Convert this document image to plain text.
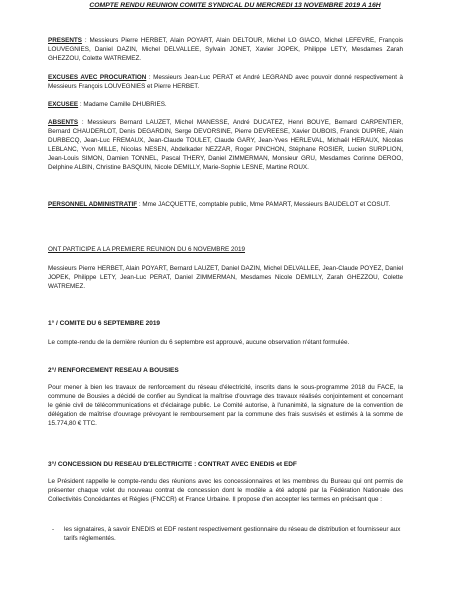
COMPTE RENDU REUNION COMITE SYNDICAL DU MERCREDI 13 NOVEMBRE 2019 A 16H
PRESENTS : Messieurs Pierre HERBET, Alain POYART, Alain DELTOUR, Michel LO GIACO, Michel LEFEVRE, François LOUVEGNIES, Daniel DAZIN, Michel DELVALLEE, Sylvain JONET, Xavier JOPEK, Philippe LETY, Mesdames Zarah GHEZZOU, Colette WATREMEZ.
EXCUSES AVEC PROCURATION : Messieurs Jean-Luc PERAT et André LEGRAND avec pouvoir donné respectivement à Messieurs François LOUVEGNIES et Pierre HERBET.
EXCUSEE : Madame Camille DHUBRIES.
ABSENTS : Messieurs Bernard LAUZET, Michel MANESSE, André DUCATEZ, Henri BOUYE, Bernard CARPENTIER, Bernard CHAUDERLOT, Denis DEGARDIN, Serge DEVORSINE, Pierre DEVREESE, Xavier DUBOIS, Franck DUPIRE, Alain DURBECQ, Jean-Luc FREMAUX, Jean-Claude TOULET, Claude GARY, Jean-Yves HERLEVAL, Michaël HERAUX, Nicolas LEBLANC, Yvon MILLE, Nicolas NESEN, Abdelkader NEZZAR, Roger PINCHON, Stéphane ROSIER, Lucien SURPLION, Jean-Louis SIMON, Damien TONNEL, Pascal THERY, Daniel ZIMMERMAN, Monsieur GRU, Mesdames Corinne DEROO, Delphine ALBIN, Christine BASQUIN, Nicole DEMILLY, Marie-Sophie LESNE, Martine ROUX.
PERSONNEL ADMINISTRATIF : Mme JACQUETTE, comptable public, Mme PAMART, Messieurs BAUDELOT et COSUT.
ONT PARTICIPE A LA PREMIERE REUNION DU 6 NOVEMBRE 2019
Messieurs Pierre HERBET, Alain POYART, Bernard LAUZET, Daniel DAZIN, Michel DELVALLEE, Jean-Claude POYEZ, Daniel JOPEK, Philippe LETY, Jean-Luc PERAT, Daniel ZIMMERMAN, Mesdames Nicole DEMILLY, Zarah GHEZZOU, Colette WATREMEZ.
1° / COMITE DU 6 SEPTEMBRE 2019
Le compte-rendu de la dernière réunion du 6 septembre est approuvé, aucune observation n'étant formulée.
2°/ RENFORCEMENT RESEAU A BOUSIES
Pour mener à bien les travaux de renforcement du réseau d'électricité, inscrits dans le sous-programme 2018 du FACE, la commune de Bousies a décidé de confier au Syndicat la maîtrise d'ouvrage des travaux réalisés conjointement et concernant le génie civil de télécommunications et d'éclairage public. Le Comité autorise, à l'unanimité, la signature de la convention de délégation de maîtrise d'ouvrage prévoyant le remboursement par la commune des frais susvisés et estimés à la somme de 15.774,80 € TTC.
3°/ CONCESSION DU RESEAU D'ELECTRICITE : CONTRAT AVEC ENEDIS et EDF
Le Président rappelle le compte-rendu des réunions avec les concessionnaires et les membres du Bureau qui ont permis de présenter chaque volet du nouveau contrat de concession dont le modèle a été adopté par la Fédération Nationale des Collectivités Concédantes et Régies (FNCCR) et France Urbaine. Il propose d'en accepter les termes en précisant que :
- les signataires, à savoir ENEDIS et EDF restent respectivement gestionnaire du réseau de distribution et fournisseur aux tarifs réglementés.
